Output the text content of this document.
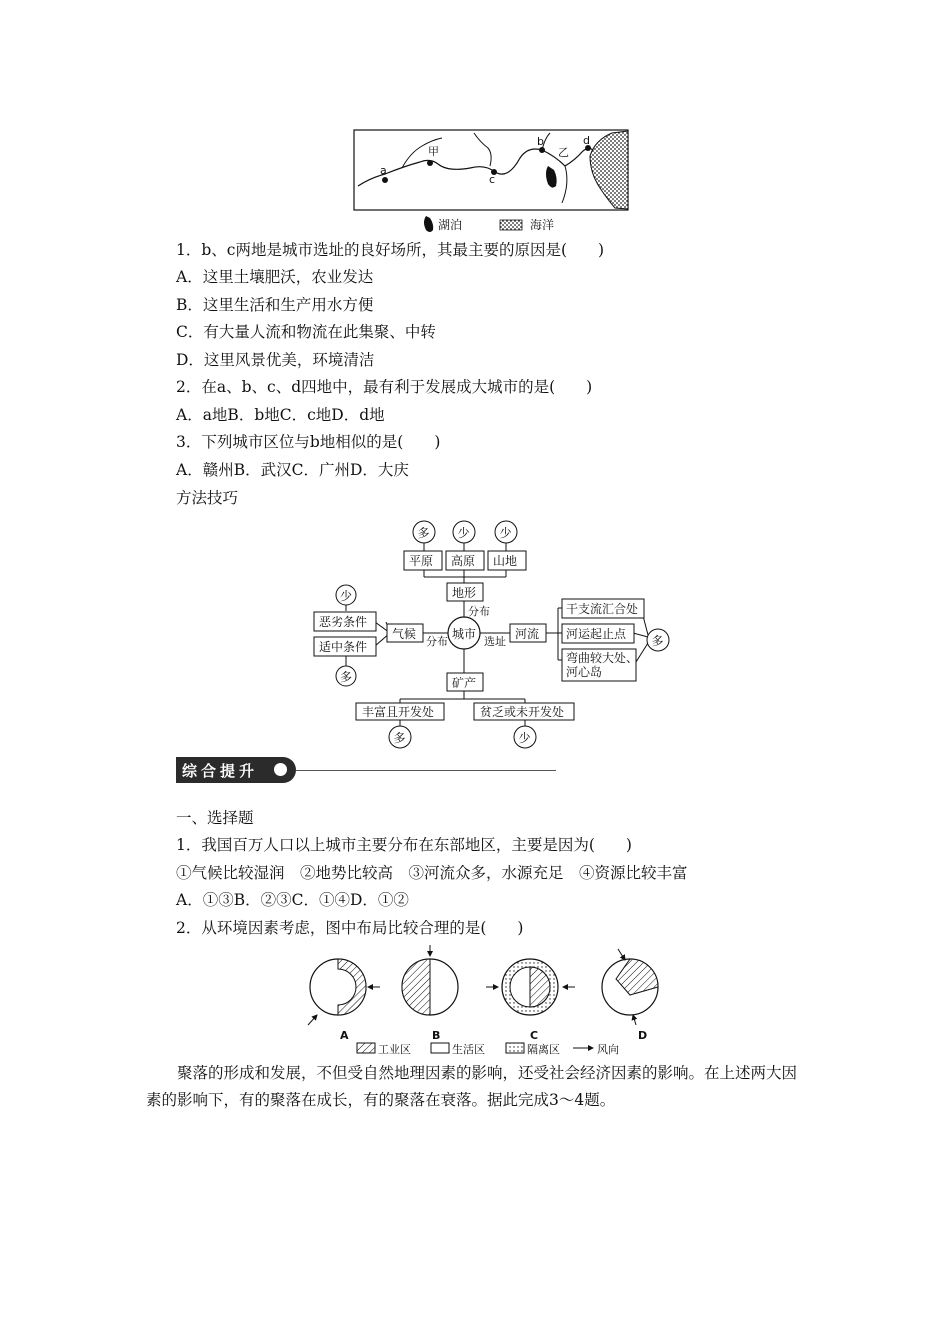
a
甲
c
b
乙
d
湖泊	海洋
1．b、c两地是城市选址的良好场所，其最主要的原因是(　　)
A．这里土壤肥沃，农业发达
B．这里生活和生产用水方便
C．有大量人流和物流在此集聚、中转
D．这里风景优美，环境清洁
2．在a、b、c、d四地中，最有利于发展成大城市的是(　　)
A．a地B．b地C．c地D．d地
3．下列城市区位与b地相似的是(　　)
A．赣州B．武汉C．广州D．大庆
方法技巧
多 少 少
平原 高原 山地
地形
分布
城市
少
恶劣条件
适中条件
多
气候
分布	选址
河流
干支流汇合处
河运起止点
弯曲较大处、
河心岛
多
矿产
丰富且开发处	贫乏或未开发处
多	少
综合提升
一、选择题
1．我国百万人口以上城市主要分布在东部地区，主要是因为(　　)
①气候比较湿润　②地势比较高　③河流众多，水源充足　④资源比较丰富
A．①③B．②③C．①④D．①②
2．从环境因素考虑，图中布局比较合理的是(　　)
A	B	C	D
工业区	生活区	隔离区	风向
聚落的形成和发展，不但受自然地理因素的影响，还受社会经济因素的影响。在上述两大因素的影响下，有的聚落在成长，有的聚落在衰落。据此完成3～4题。
